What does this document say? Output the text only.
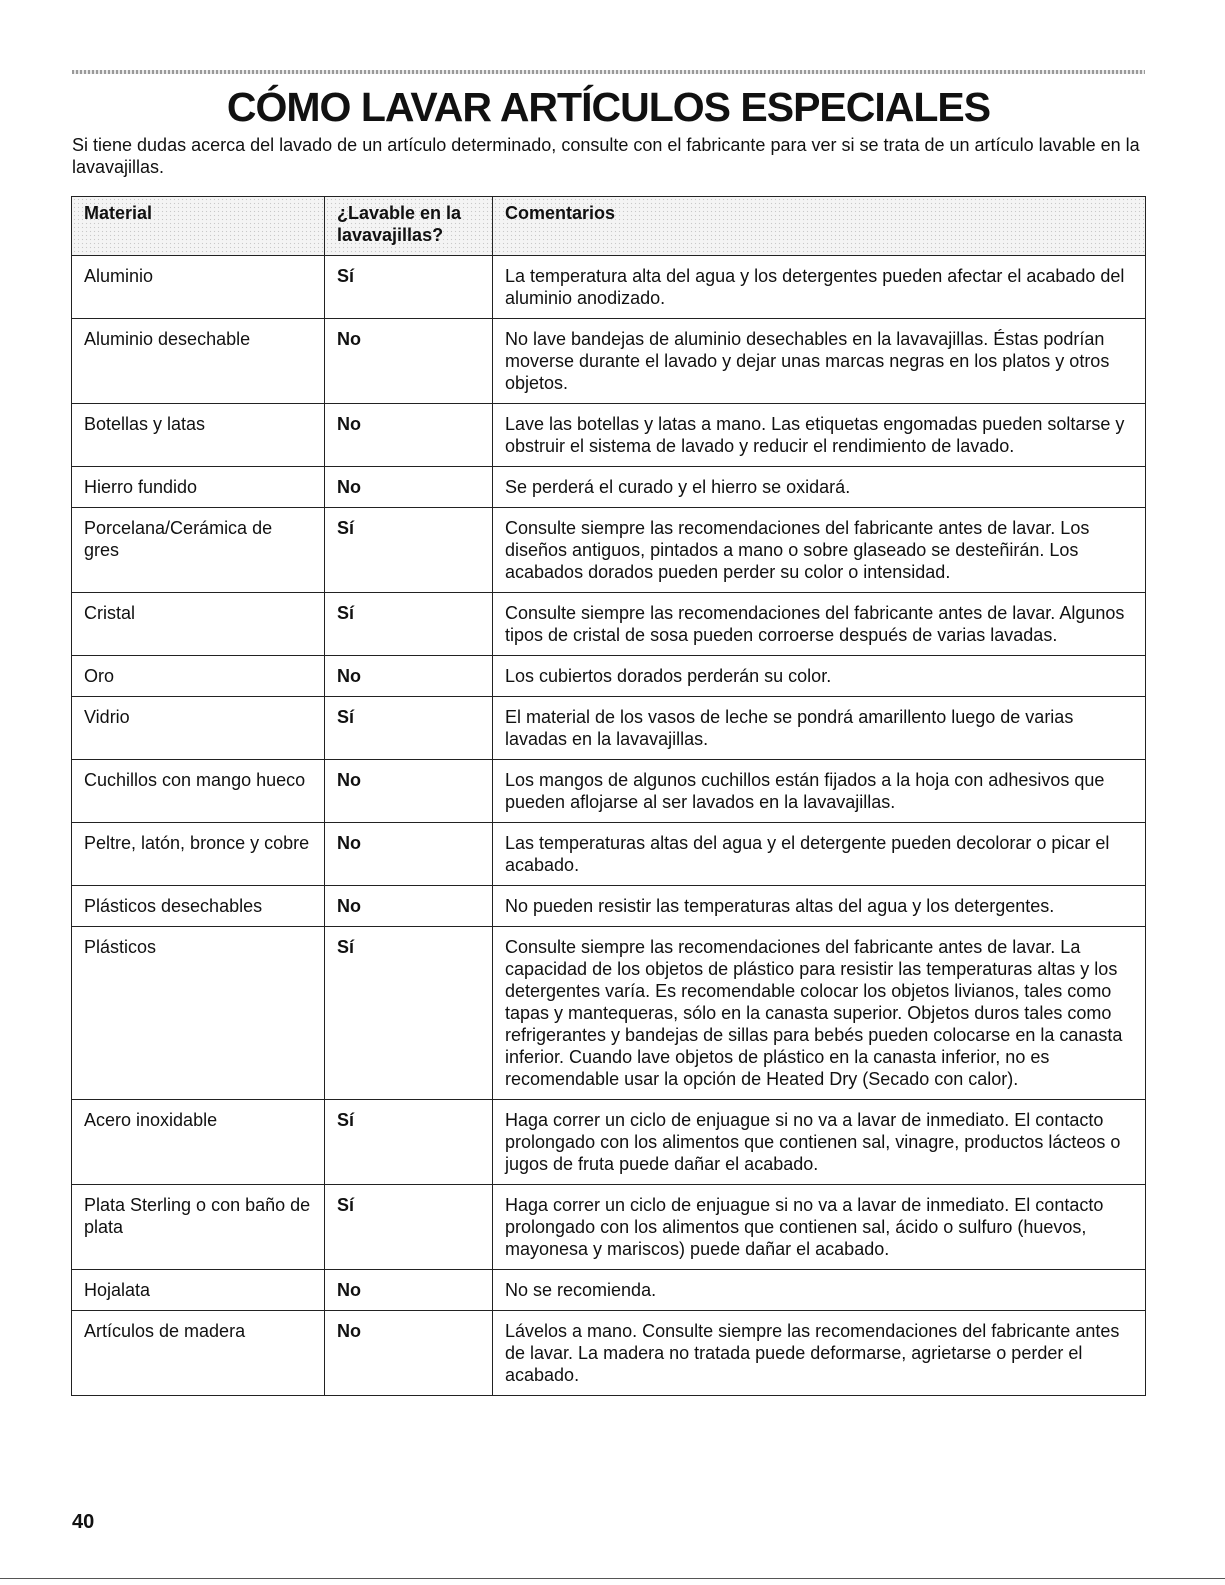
CÓMO LAVAR ARTÍCULOS ESPECIALES

Si tiene dudas acerca del lavado de un artículo determinado, consulte con el fabricante para ver si se trata de un artículo lavable en la lavavajillas.

Material	¿Lavable en la lavavajillas?	Comentarios
Aluminio	Sí	La temperatura alta del agua y los detergentes pueden afectar el acabado del aluminio anodizado.
Aluminio desechable	No	No lave bandejas de aluminio desechables en la lavavajillas. Éstas podrían moverse durante el lavado y dejar unas marcas negras en los platos y otros objetos.
Botellas y latas	No	Lave las botellas y latas a mano. Las etiquetas engomadas pueden soltarse y obstruir el sistema de lavado y reducir el rendimiento de lavado.
Hierro fundido	No	Se perderá el curado y el hierro se oxidará.
Porcelana/Cerámica de gres	Sí	Consulte siempre las recomendaciones del fabricante antes de lavar. Los diseños antiguos, pintados a mano o sobre glaseado se desteñirán. Los acabados dorados pueden perder su color o intensidad.
Cristal	Sí	Consulte siempre las recomendaciones del fabricante antes de lavar. Algunos tipos de cristal de sosa pueden corroerse después de varias lavadas.
Oro	No	Los cubiertos dorados perderán su color.
Vidrio	Sí	El material de los vasos de leche se pondrá amarillento luego de varias lavadas en la lavavajillas.
Cuchillos con mango hueco	No	Los mangos de algunos cuchillos están fijados a la hoja con adhesivos que pueden aflojarse al ser lavados en la lavavajillas.
Peltre, latón, bronce y cobre	No	Las temperaturas altas del agua y el detergente pueden decolorar o picar el acabado.
Plásticos desechables	No	No pueden resistir las temperaturas altas del agua y los detergentes.
Plásticos	Sí	Consulte siempre las recomendaciones del fabricante antes de lavar. La capacidad de los objetos de plástico para resistir las temperaturas altas y los detergentes varía. Es recomendable colocar los objetos livianos, tales como tapas y mantequeras, sólo en la canasta superior. Objetos duros tales como refrigerantes y bandejas de sillas para bebés pueden colocarse en la canasta inferior. Cuando lave objetos de plástico en la canasta inferior, no es recomendable usar la opción de Heated Dry (Secado con calor).
Acero inoxidable	Sí	Haga correr un ciclo de enjuague si no va a lavar de inmediato. El contacto prolongado con los alimentos que contienen sal, vinagre, productos lácteos o jugos de fruta puede dañar el acabado.
Plata Sterling o con baño de plata	Sí	Haga correr un ciclo de enjuague si no va a lavar de inmediato. El contacto prolongado con los alimentos que contienen sal, ácido o sulfuro (huevos, mayonesa y mariscos) puede dañar el acabado.
Hojalata	No	No se recomienda.
Artículos de madera	No	Lávelos a mano. Consulte siempre las recomendaciones del fabricante antes de lavar. La madera no tratada puede deformarse, agrietarse o perder el acabado.
40
